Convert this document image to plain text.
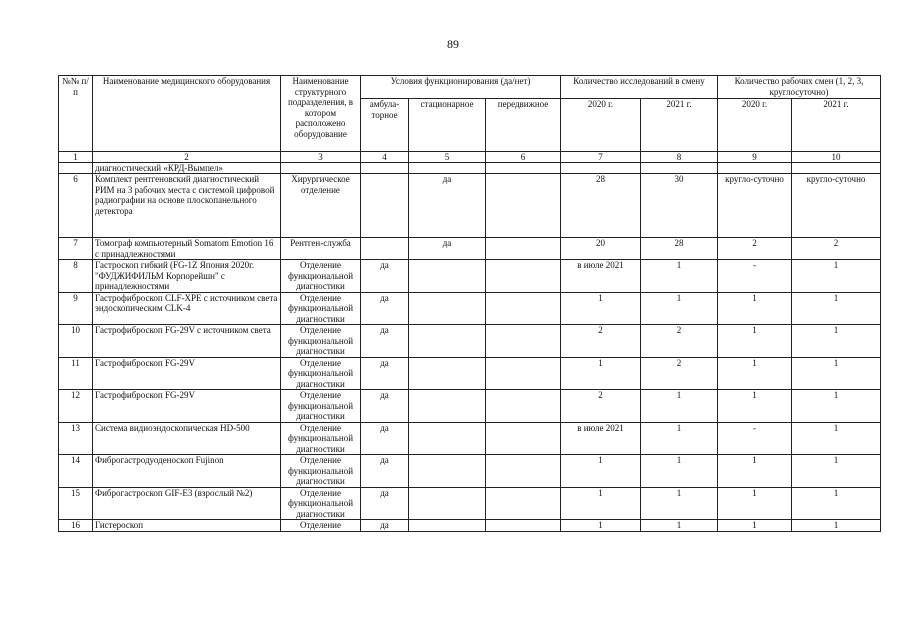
89
№№ п/п	Наименование медицинского оборудования	Наименование структурного подразделения, в котором расположено оборудование	Условия функционирования (да/нет)			Количество исследований в смену		Количество рабочих смен (1, 2, 3, круглосуточно)	
			амбула-торное	стационарное	передвижное	2020 г.	2021 г.	2020 г.	2021 г.
1	2	3	4	5	6	7	8	9	10
	диагностический «КРД-Вымпел»								
6	Комплект рентгеновский диагностический РИМ на 3 рабочих места с системой цифровой радиографии на основе плоскопанельного детектора	Хирургическое отделение		да		28	30	кругло-суточно	кругло-суточно
7	Томограф компьютерный Somatom Emotion 16 с принадлежностями	Рентген-служба		да		20	28	2	2
8	Гастроскоп гибкий (FG-1Z Япония 2020г. "ФУДЖИФИЛЬМ Корпорейшн" с принадлежностями	Отделение функциональной диагностики	да			в июле 2021	1	-	1
9	Гастрофиброскоп CLF-XPE с источником света эндоскопическим CLK-4	Отделение функциональной диагностики	да			1	1	1	1
10	Гастрофиброскоп FG-29V с источником света	Отделение функциональной диагностики	да			2	2	1	1
11	Гастрофиброскоп FG-29V	Отделение функциональной диагностики	да			1	2	1	1
12	Гастрофиброскоп FG-29V	Отделение функциональной диагностики	да			2	1	1	1
13	Система видиоэндоскопическая HD-500	Отделение функциональной диагностики	да			в июле 2021	1	-	1
14	Фиброгастродуоденоскоп Fujinon	Отделение функциональной диагностики	да			1	1	1	1
15	Фиброгастроскоп GIF-E3 (взрослый №2)	Отделение функциональной диагностики	да			1	1	1	1
16	Гистероскоп	Отделение	да			1	1	1	1
